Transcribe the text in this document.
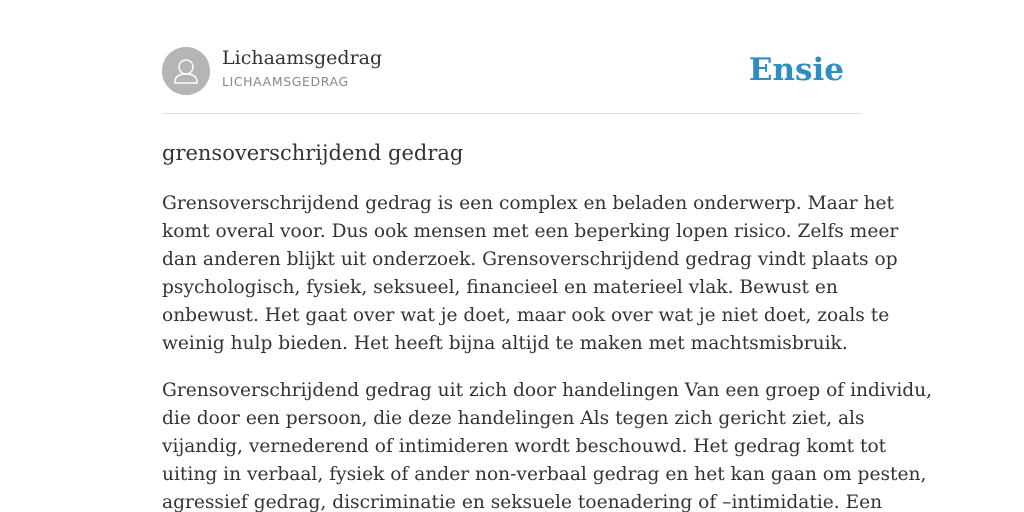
Lichaamsgedrag
LICHAAMSGEDRAG	Ensie
grensoverschrijdend gedrag
Grensoverschrijdend gedrag is een complex en beladen onderwerp. Maar het
komt overal voor. Dus ook mensen met een beperking lopen risico. Zelfs meer
dan anderen blijkt uit onderzoek. Grensoverschrijdend gedrag vindt plaats op
psychologisch, fysiek, seksueel, financieel en materieel vlak. Bewust en
onbewust. Het gaat over wat je doet, maar ook over wat je niet doet, zoals te
weinig hulp bieden. Het heeft bijna altijd te maken met machtsmisbruik.
Grensoverschrijdend gedrag uit zich door handelingen Van een groep of individu,
die door een persoon, die deze handelingen Als tegen zich gericht ziet, als
vijandig, vernederend of intimideren wordt beschouwd. Het gedrag komt tot
uiting in verbaal, fysiek of ander non-verbaal gedrag en het kan gaan om pesten,
agressief gedrag, discriminatie en seksuele toenadering of –intimidatie. Een
